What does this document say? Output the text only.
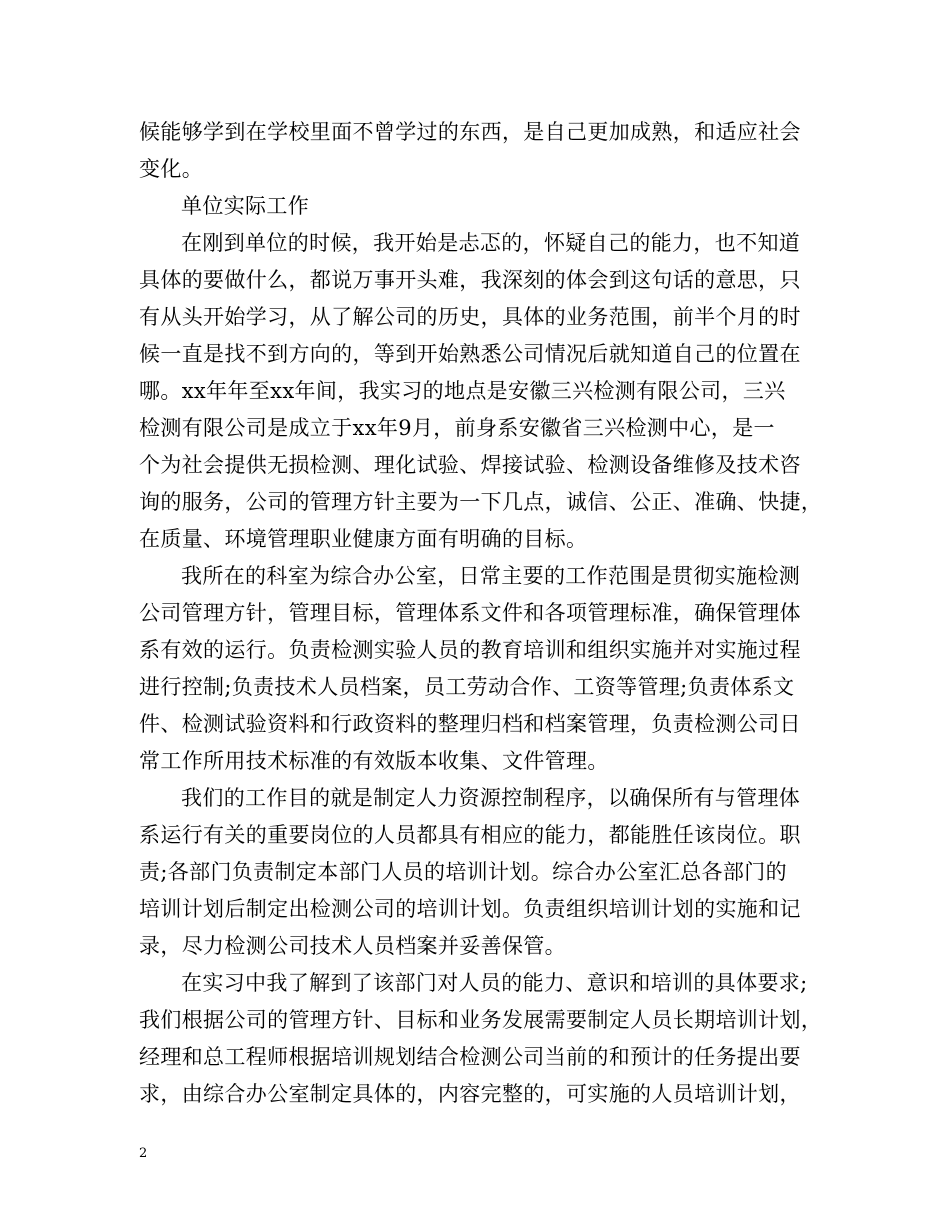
候能够学到在学校里面不曾学过的东西，是自己更加成熟，和适应社会
变化。
单位实际工作
在刚到单位的时候，我开始是忐忑的，怀疑自己的能力，也不知道
具体的要做什么，都说万事开头难，我深刻的体会到这句话的意思，只
有从头开始学习，从了解公司的历史，具体的业务范围，前半个月的时
候一直是找不到方向的，等到开始熟悉公司情况后就知道自己的位置在
哪。xx年年至xx年间，我实习的地点是安徽三兴检测有限公司，三兴
检测有限公司是成立于xx年9月，前身系安徽省三兴检测中心，是一
个为社会提供无损检测、理化试验、焊接试验、检测设备维修及技术咨
询的服务，公司的管理方针主要为一下几点，诚信、公正、准确、快捷，
在质量、环境管理职业健康方面有明确的目标。
我所在的科室为综合办公室，日常主要的工作范围是贯彻实施检测
公司管理方针，管理目标，管理体系文件和各项管理标准，确保管理体
系有效的运行。负责检测实验人员的教育培训和组织实施并对实施过程
进行控制;负责技术人员档案，员工劳动合作、工资等管理;负责体系文
件、检测试验资料和行政资料的整理归档和档案管理，负责检测公司日
常工作所用技术标准的有效版本收集、文件管理。
我们的工作目的就是制定人力资源控制程序，以确保所有与管理体
系运行有关的重要岗位的人员都具有相应的能力，都能胜任该岗位。职
责;各部门负责制定本部门人员的培训计划。综合办公室汇总各部门的
培训计划后制定出检测公司的培训计划。负责组织培训计划的实施和记
录，尽力检测公司技术人员档案并妥善保管。
在实习中我了解到了该部门对人员的能力、意识和培训的具体要求;
我们根据公司的管理方针、目标和业务发展需要制定人员长期培训计划，
经理和总工程师根据培训规划结合检测公司当前的和预计的任务提出要
求，由综合办公室制定具体的，内容完整的，可实施的人员培训计划，
2
